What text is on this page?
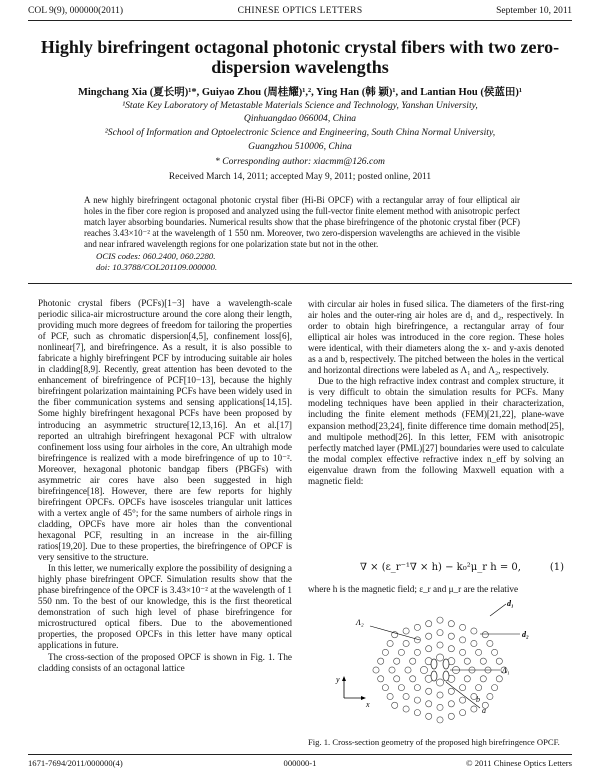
COL 9(9), 000000(2011)	CHINESE OPTICS LETTERS	September 10, 2011
Highly birefringent octagonal photonic crystal fibers with two zero-dispersion wavelengths
Mingchang Xia (夏长明)¹*, Guiyao Zhou (周桂耀)¹,², Ying Han (韩 颖)¹, and Lantian Hou (侯蓝田)¹
¹State Key Laboratory of Metastable Materials Science and Technology, Yanshan University,
Qinhuangdao 066004, China
²School of Information and Optoelectronic Science and Engineering, South China Normal University,
Guangzhou 510006, China
* Corresponding author: xiacmm@126.com
Received March 14, 2011; accepted May 9, 2011; posted online, 2011
A new highly birefringent octagonal photonic crystal fiber (Hi-Bi OPCF) with a rectangular array of four elliptical air holes in the fiber core region is proposed and analyzed using the full-vector finite element method with anisotropic perfect match layer absorbing boundaries. Numerical results show that the phase birefringence of the photonic crystal fiber (PCF) reaches 3.43×10⁻² at the wavelength of 1 550 nm. Moreover, two zero-dispersion wavelengths are achieved in the visible and near infrared wavelength regions for one polarization state but not in the other.
OCIS codes: 060.2400, 060.2280.
doi: 10.3788/COL201109.000000.

Photonic crystal fibers (PCFs)[1−3] have a wavelength-scale periodic silica-air microstructure around the core along their length, providing much more degrees of freedom for tailoring the properties of PCF, such as chromatic dispersion[4,5], confinement loss[6], nonlinear[7], and birefringence. As a result, it is also possible to fabricate a highly birefringent PCF by introducing suitable air holes in cladding[8,9]. Recently, great attention has been devoted to the enhancement of birefringence of PCF[10−13], because the highly birefringent polarization maintaining PCFs have been widely used in the fiber communication systems and sensing applications[14,15]. Some highly birefringent hexagonal PCFs have been proposed by introducing an asymmetric structure[12,13,16]. An et al.[17] reported an ultrahigh birefringent hexagonal PCF with ultralow confinement loss using four airholes in the core, An ultrahigh mode birefringence is realized with a mode birefringence of up to 10⁻². Moreover, hexagonal photonic bandgap fibers (PBGFs) with asymmetric air cores have also been suggested in high birefringence[18]. However, there are few reports for highly birefringent OPCFs. OPCFs have isosceles triangular unit lattices with a vertex angle of 45°; for the same numbers of airhole rings in cladding, OPCFs have more air holes than the conventional hexagonal PCF, resulting in an increase in the air-filling ratios[19,20]. Due to these properties, the birefringence of OPCF is very sensitive to the structure.

In this letter, we numerically explore the possibility of designing a highly phase birefringent OPCF. Simulation results show that the phase birefringence of the OPCF is 3.43×10⁻² at the wavelength of 1 550 nm. To the best of our knowledge, this is the first theoretical demonstration of such high level of phase birefringence for microstructured optical fibers. Due to the abovementioned properties, the proposed OPCFs in this letter have many optical applications in future.

The cross-section of the proposed OPCF is shown in Fig. 1. The cladding consists of an octagonal lattice

with circular air holes in fused silica. The diameters of the first-ring air holes and the outer-ring air holes are d₁ and d₂, respectively. In order to obtain high birefringence, a rectangular array of four elliptical air holes was introduced in the core region. These holes were identical, with their diameters along the x- and y-axis denoted as a and b, respectively. The pitched between the holes in the vertical and horizontal directions were labeled as Λ₁ and Λ₂, respectively.

Due to the high refractive index contrast and complex structure, it is very difficult to obtain the simulation results for PCFs. Many modeling techniques have been applied in their characterization, including the finite element methods (FEM)[21,22], plane-wave expansion method[23,24], finite difference time domain method[25], and multipole method[26]. In this letter, FEM with anisotropic perfectly matched layer (PML)[27] boundaries were used to calculate the modal complex effective refractive index n_eff by solving an eigenvalue drawn from the following Maxwell equation with a magnetic field:

∇ × (ε_r⁻¹∇ × h) − k₀²μ_r h = 0,	(1)
where h is the magnetic field; ε_r and μ_r are the relative
d₁
d₂
Λ₂
Λ₁
a
b
y
x
Fig. 1. Cross-section geometry of the proposed high birefringence OPCF.
1671-7694/2011/000000(4)	000000-1	© 2011 Chinese Optics Letters
